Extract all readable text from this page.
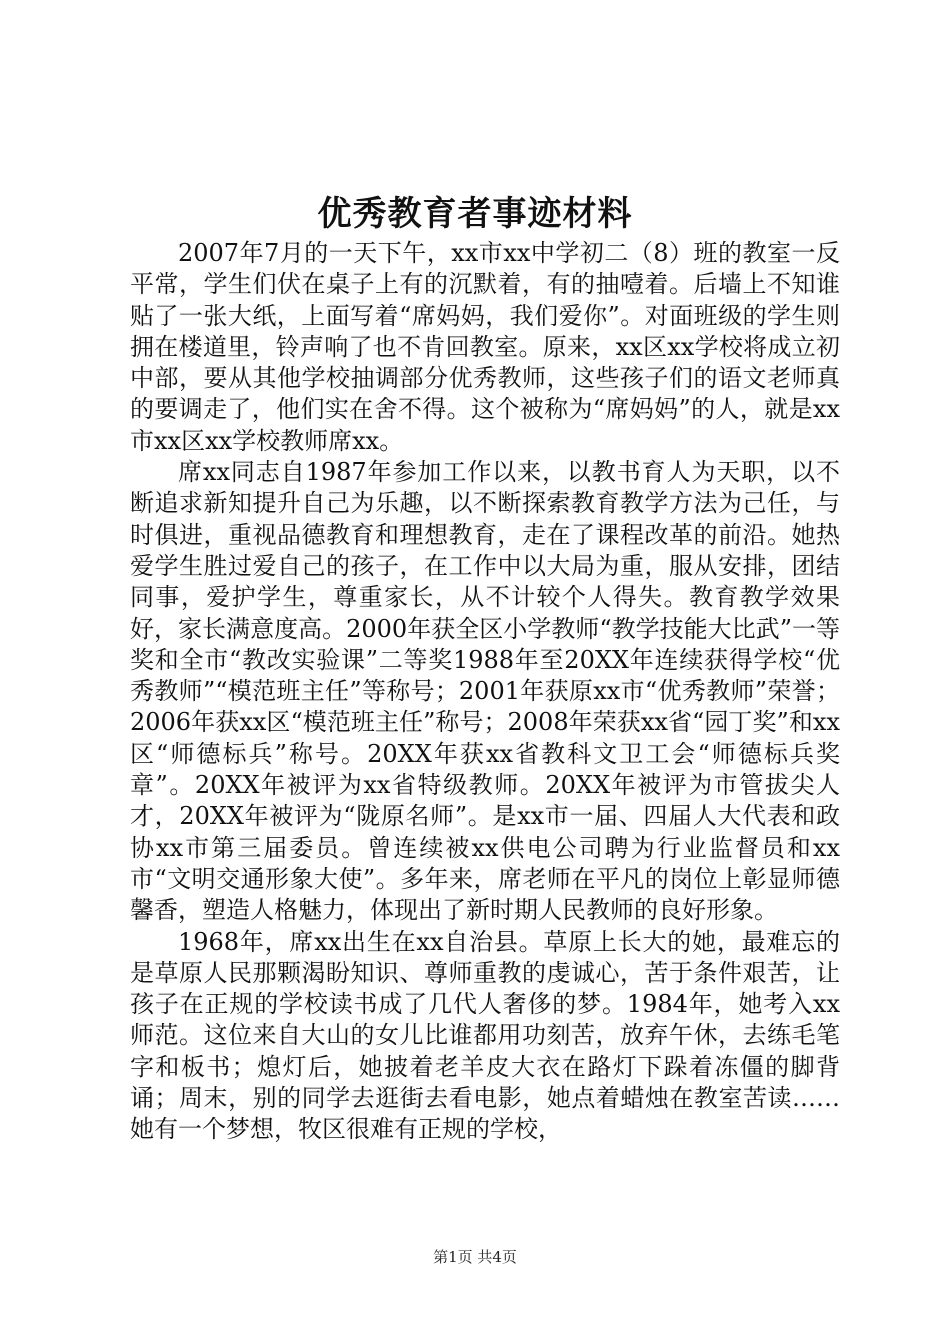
优秀教育者事迹材料

2007年7月的一天下午，xx市xx中学初二（8）班的教室一反平常，学生们伏在桌子上有的沉默着，有的抽噎着。后墙上不知谁贴了一张大纸，上面写着“席妈妈，我们爱你”。对面班级的学生则拥在楼道里，铃声响了也不肯回教室。原来，xx区xx学校将成立初中部，要从其他学校抽调部分优秀教师，这些孩子们的语文老师真的要调走了，他们实在舍不得。这个被称为“席妈妈”的人，就是xx市xx区xx学校教师席xx。

席xx同志自1987年参加工作以来，以教书育人为天职，以不断追求新知提升自己为乐趣，以不断探索教育教学方法为己任，与时俱进，重视品德教育和理想教育，走在了课程改革的前沿。她热爱学生胜过爱自己的孩子，在工作中以大局为重，服从安排，团结同事，爱护学生，尊重家长，从不计较个人得失。教育教学效果好，家长满意度高。2000年获全区小学教师“教学技能大比武”一等奖和全市“教改实验课”二等奖1988年至20XX年连续获得学校“优秀教师”“模范班主任”等称号；2001年获原xx市“优秀教师”荣誉；2006年获xx区“模范班主任”称号；2008年荣获xx省“园丁奖”和xx区“师德标兵”称号。20XX年获xx省教科文卫工会“师德标兵奖章”。20XX年被评为xx省特级教师。20XX年被评为市管拔尖人才，20XX年被评为“陇原名师”。是xx市一届、四届人大代表和政协xx市第三届委员。曾连续被xx供电公司聘为行业监督员和xx市“文明交通形象大使”。多年来，席老师在平凡的岗位上彰显师德馨香，塑造人格魅力，体现出了新时期人民教师的良好形象。

1968年，席xx出生在xx自治县。草原上长大的她，最难忘的是草原人民那颗渴盼知识、尊师重教的虔诚心，苦于条件艰苦，让孩子在正规的学校读书成了几代人奢侈的梦。1984年，她考入xx师范。这位来自大山的女儿比谁都用功刻苦，放弃午休，去练毛笔字和板书；熄灯后，她披着老羊皮大衣在路灯下跺着冻僵的脚背诵；周末，别的同学去逛街去看电影，她点着蜡烛在教室苦读……她有一个梦想，牧区很难有正规的学校，

第1页 共4页
